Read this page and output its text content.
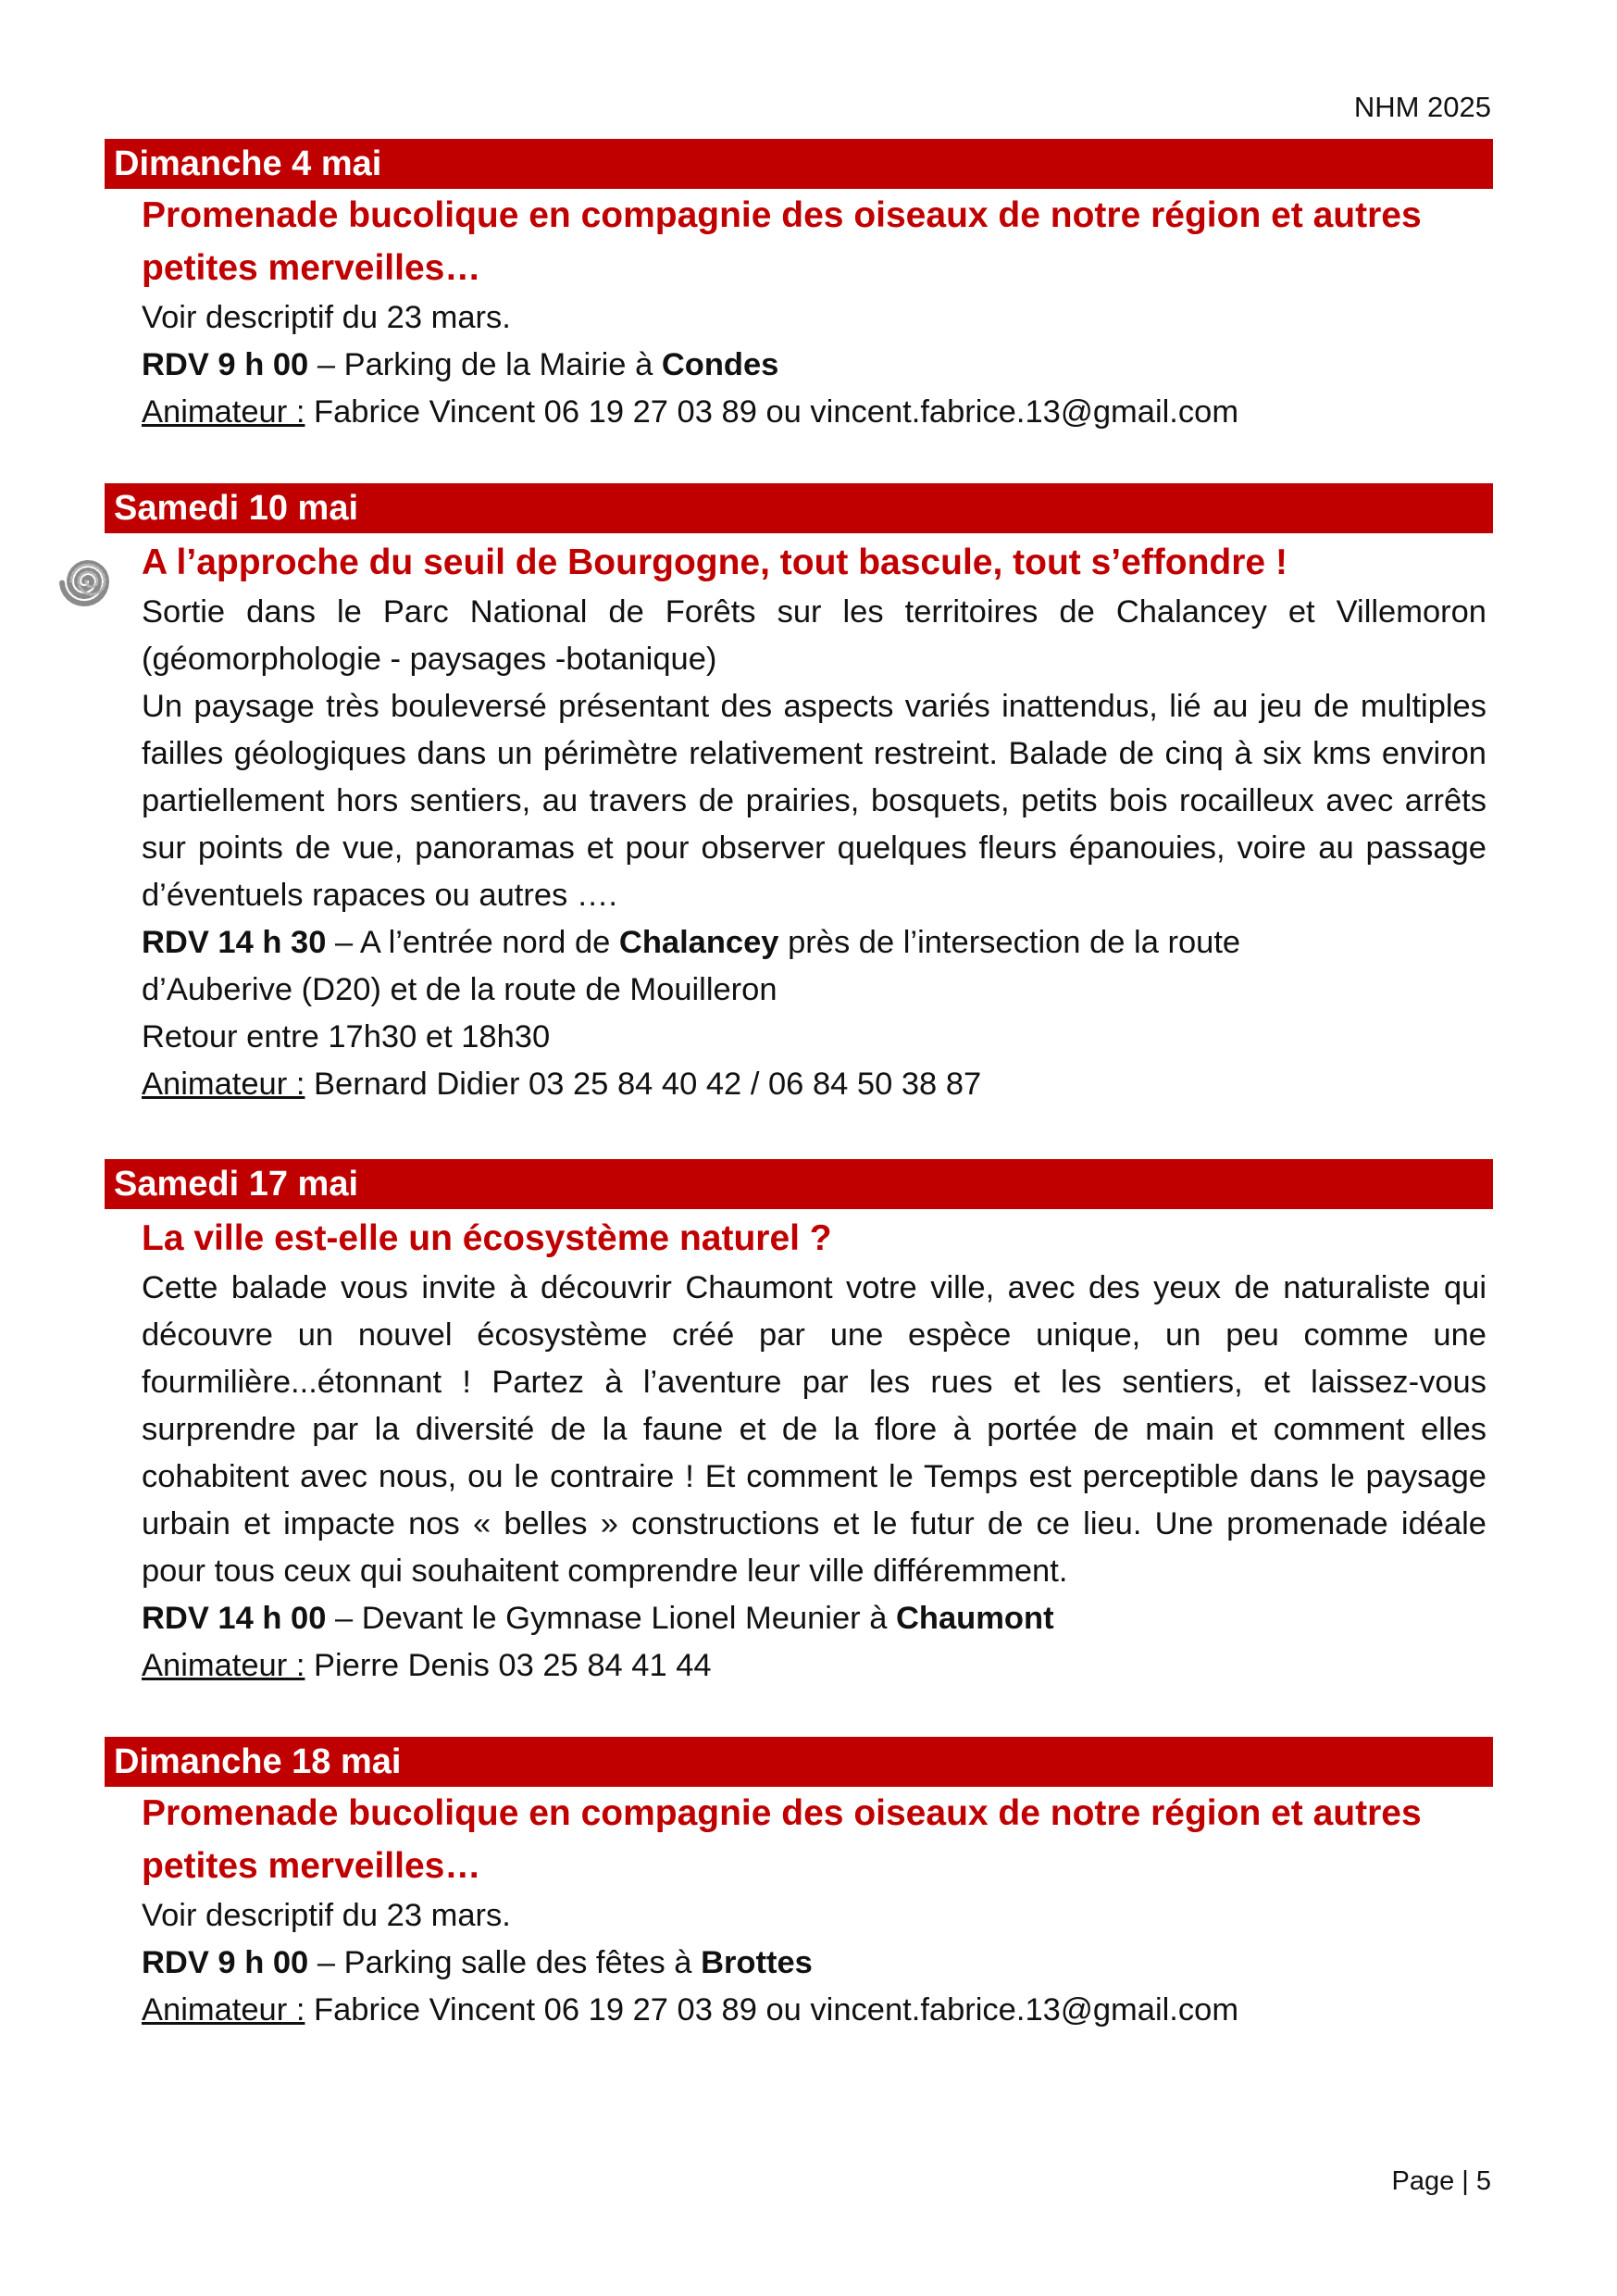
NHM 2025
Dimanche 4 mai
Promenade bucolique en compagnie des oiseaux de notre région et autres
petites merveilles…
Voir descriptif du 23 mars.
RDV 9 h 00 – Parking de la Mairie à Condes
Animateur : Fabrice Vincent 06 19 27 03 89 ou vincent.fabrice.13@gmail.com
Samedi 10 mai
A l’approche du seuil de Bourgogne, tout bascule, tout s’effondre !
Sortie dans le Parc National de Forêts sur les territoires de Chalancey et Villemoron (géomorphologie - paysages -botanique)
Un paysage très bouleversé présentant des aspects variés inattendus, lié au jeu de multiples failles géologiques dans un périmètre relativement restreint. Balade de cinq à six kms environ partiellement hors sentiers, au travers de prairies, bosquets, petits bois rocailleux avec arrêts sur points de vue, panoramas et pour observer quelques fleurs épanouies, voire au passage d’éventuels rapaces ou autres ….
RDV 14 h 30 – A l’entrée nord de Chalancey près de l’intersection de la route
d’Auberive (D20) et de la route de Mouilleron
Retour entre 17h30 et 18h30
Animateur : Bernard Didier 03 25 84 40 42 / 06 84 50 38 87
Samedi 17 mai
La ville est-elle un écosystème naturel ?
Cette balade vous invite à découvrir Chaumont votre ville, avec des yeux de naturaliste qui découvre un nouvel écosystème créé par une espèce unique, un peu comme une fourmilière...étonnant ! Partez à l’aventure par les rues et les sentiers, et laissez-vous surprendre par la diversité de la faune et de la flore à portée de main et comment elles cohabitent avec nous, ou le contraire ! Et comment le Temps est perceptible dans le paysage urbain et impacte nos « belles » constructions et le futur de ce lieu. Une promenade idéale pour tous ceux qui souhaitent comprendre leur ville différemment.
RDV 14 h 00 – Devant le Gymnase Lionel Meunier à Chaumont
Animateur : Pierre Denis 03 25 84 41 44
Dimanche 18 mai
Promenade bucolique en compagnie des oiseaux de notre région et autres
petites merveilles…
Voir descriptif du 23 mars.
RDV 9 h 00 – Parking salle des fêtes à Brottes
Animateur : Fabrice Vincent 06 19 27 03 89 ou vincent.fabrice.13@gmail.com
Page | 5
